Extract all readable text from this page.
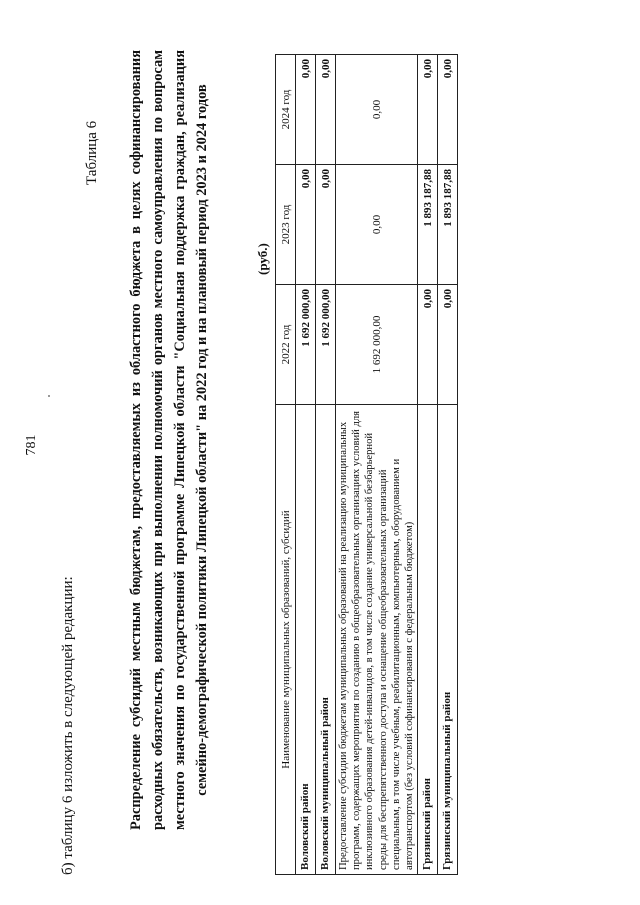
781
б) таблицу 6 изложить в следующей редакции:
Таблица 6 Распределение субсидий местным бюджетам, предоставляемых из областного бюджета в целях софинансирования расходных обязательств, возникающих при выполнении полномочий органов местного самоуправления по вопросам местного значения по государственной программе Липецкой области "Социальная поддержка граждан, реализация семейно-демографической политики Липецкой области" на 2022 год и на плановый период 2023 и 2024 годов	(руб.)
Наименование муниципальных образований, субсидий	2022 год	2023 год	2024 год
Воловский район	1 692 000,00	0,00	0,00
Воловский муниципальный район	1 692 000,00	0,00	0,00
Предоставление субсидии бюджетам муниципальных образований на реализацию муниципальных программ, содержащих мероприятия по созданию в общеобразовательных организациях условий для инклюзивного образования детей-инвалидов, в том числе создание универсальной безбарьерной среды для беспрепятственного доступа и оснащение общеобразовательных организаций специальным, в том числе учебным, реабилитационным, компьютерным, оборудованием и автотранспортом (без условий софинансирования с федеральным бюджетом)	1 692 000,00	0,00	0,00
Грязинский район	0,00	1 893 187,88	0,00
Грязинский муниципальный район	0,00	1 893 187,88	0,00
